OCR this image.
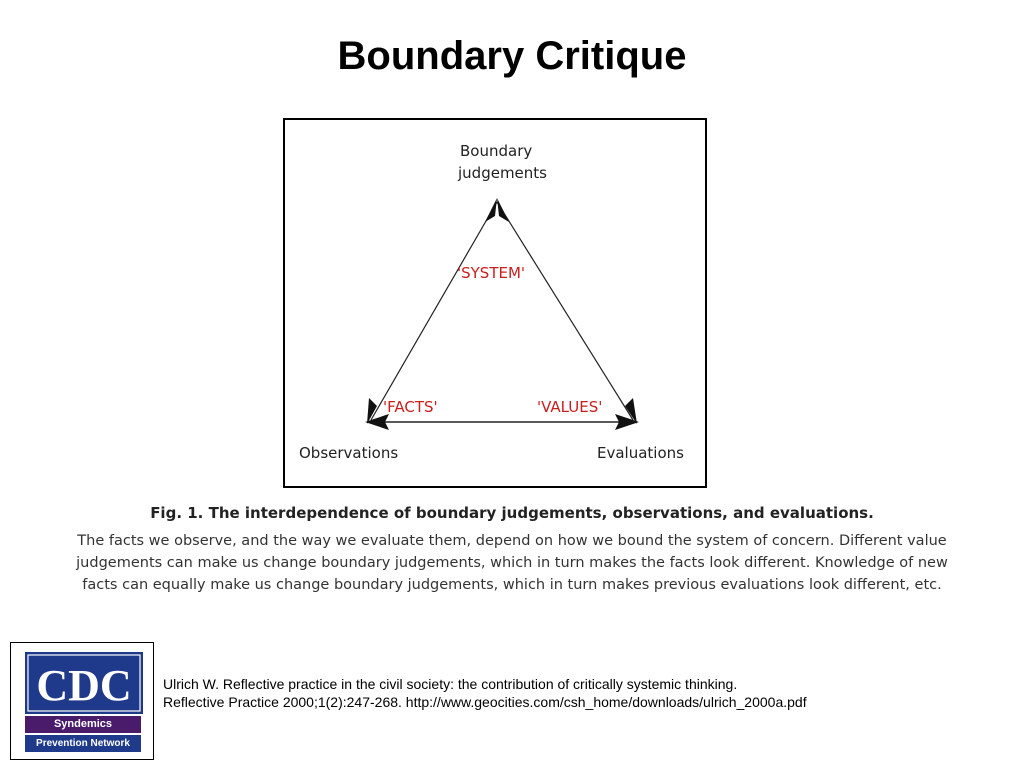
Boundary Critique
Boundary
judgements
Observations	Evaluations
'SYSTEM'
'FACTS'	'VALUES'
Fig. 1. The interdependence of boundary judgements, observations, and evaluations.
The facts we observe, and the way we evaluate them, depend on how we bound the system of concern. Different value judgements can make us change boundary judgements, which in turn makes the facts look different. Knowledge of new facts can equally make us change boundary judgements, which in turn makes previous evaluations look different, etc.
CDC
Syndemics
Prevention Network
Ulrich W. Reflective practice in the civil society: the contribution of critically systemic thinking.
Reflective Practice 2000;1(2):247-268. http://www.geocities.com/csh_home/downloads/ulrich_2000a.pdf
